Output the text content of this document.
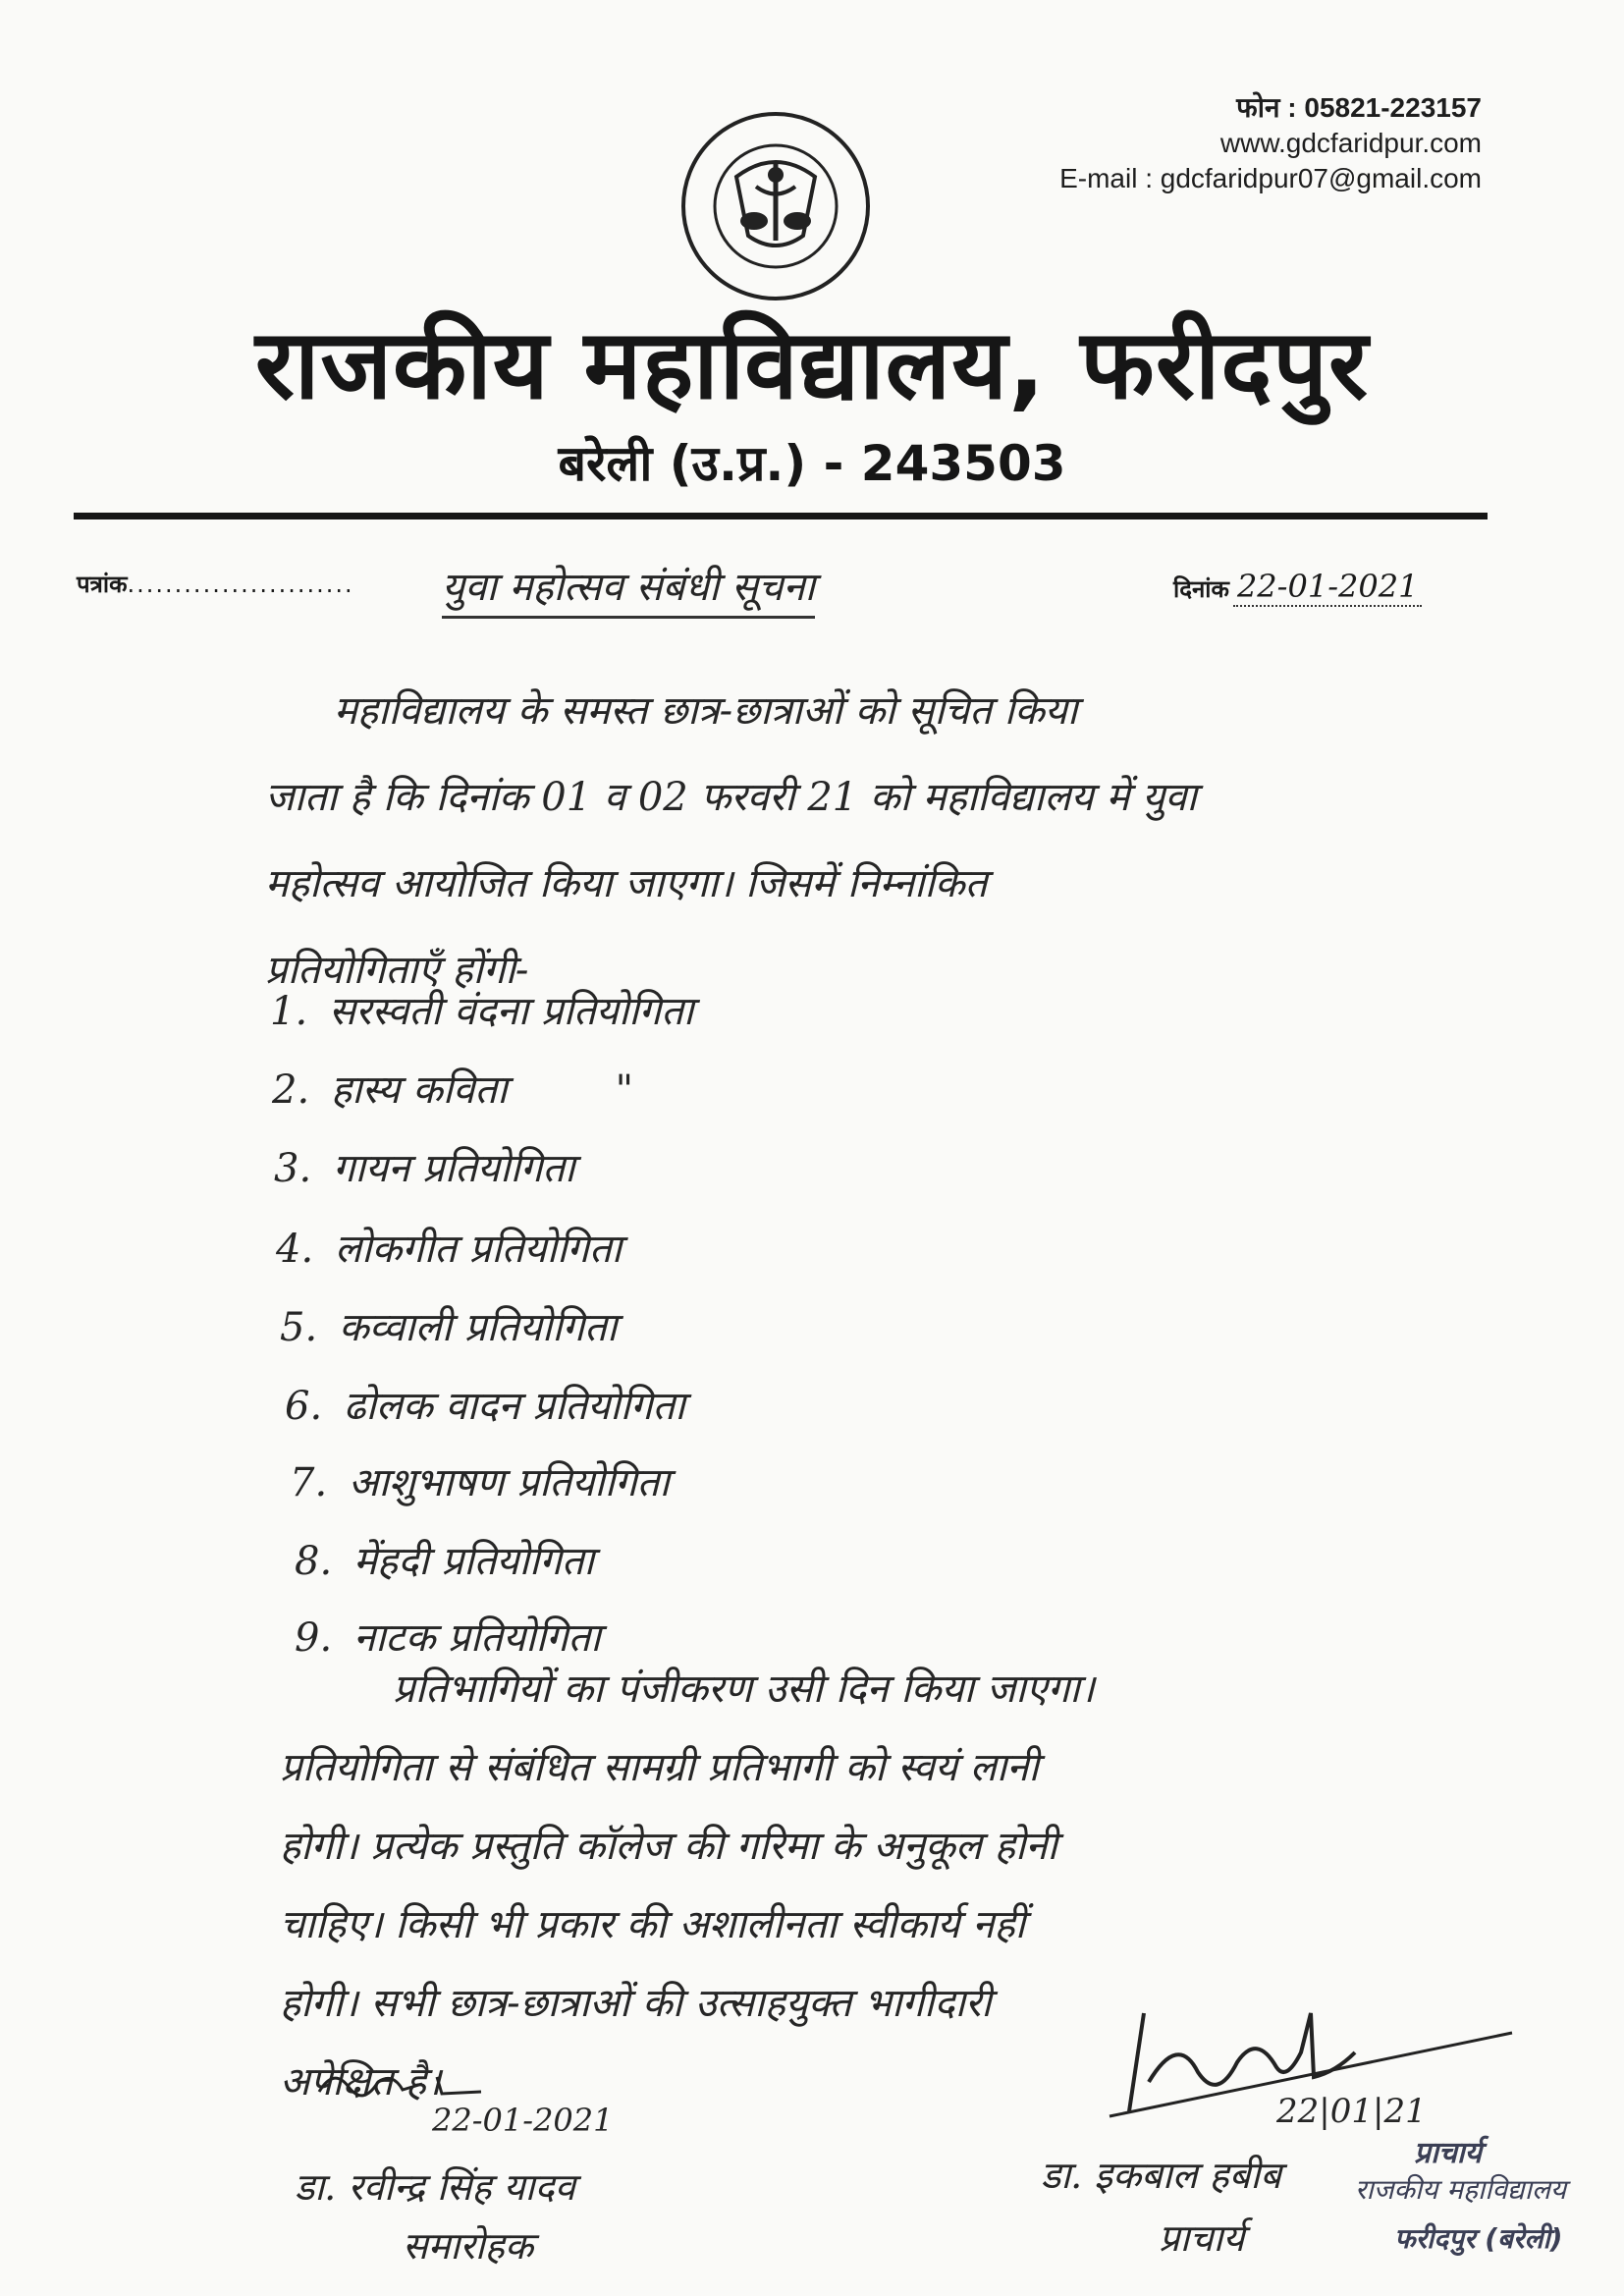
फोन : 05821-223157
www.gdcfaridpur.com
E-mail : gdcfaridpur07@gmail.com
राजकीय महाविद्यालय, फरीदपुर
बरेली (उ.प्र.) - 243503
पत्रांक........................ युवा महोत्सव संबंधी सूचना	दिनांक 22-01-2021
महाविद्यालय के समस्त छात्र-छात्राओं को सूचित किया
जाता है कि दिनांक 01 व 02 फरवरी 21 को महाविद्यालय में युवा
महोत्सव आयोजित किया जाएगा। जिसमें निम्नांकित
प्रतियोगिताएँ होंगी-
1. सरस्वती वंदना प्रतियोगिता
2. हास्य कविता	"
3. गायन प्रतियोगिता
4. लोकगीत प्रतियोगिता
5. कव्वाली प्रतियोगिता
6. ढोलक वादन प्रतियोगिता
7. आशुभाषण प्रतियोगिता
8. मेंहदी प्रतियोगिता
9. नाटक प्रतियोगिता
प्रतिभागियों का पंजीकरण उसी दिन किया जाएगा।
प्रतियोगिता से संबंधित सामग्री प्रतिभागी को स्वयं लानी
होगी। प्रत्येक प्रस्तुति कॉलेज की गरिमा के अनुकूल होनी
चाहिए। किसी भी प्रकार की अशालीनता स्वीकार्य नहीं
होगी। सभी छात्र-छात्राओं की उत्साहयुक्त भागीदारी
अपेक्षित है।
22-01-2021
डा. रवीन्द्र सिंह यादव
समारोहक
22|01|21
डा. इकबाल हबीब
प्राचार्य
प्राचार्य
राजकीय महाविद्यालय
फरीदपुर (बरेली)
